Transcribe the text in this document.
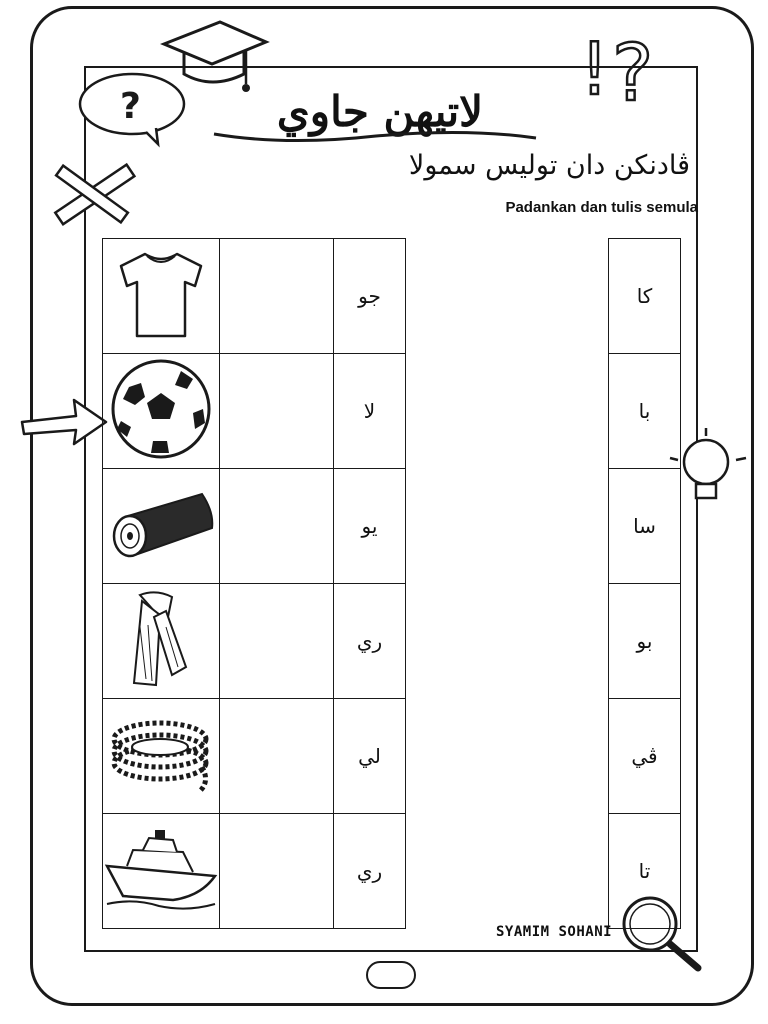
?	! ?
لاتيهن جاوي
ڤادنكن دان توليس سمولا
Padankan dan tulis semula
		جو
		لا
		يو
		ري
		لي
		ري
كا
با
سا
بو
ڤي
تا
SYAMIM SOHANI
